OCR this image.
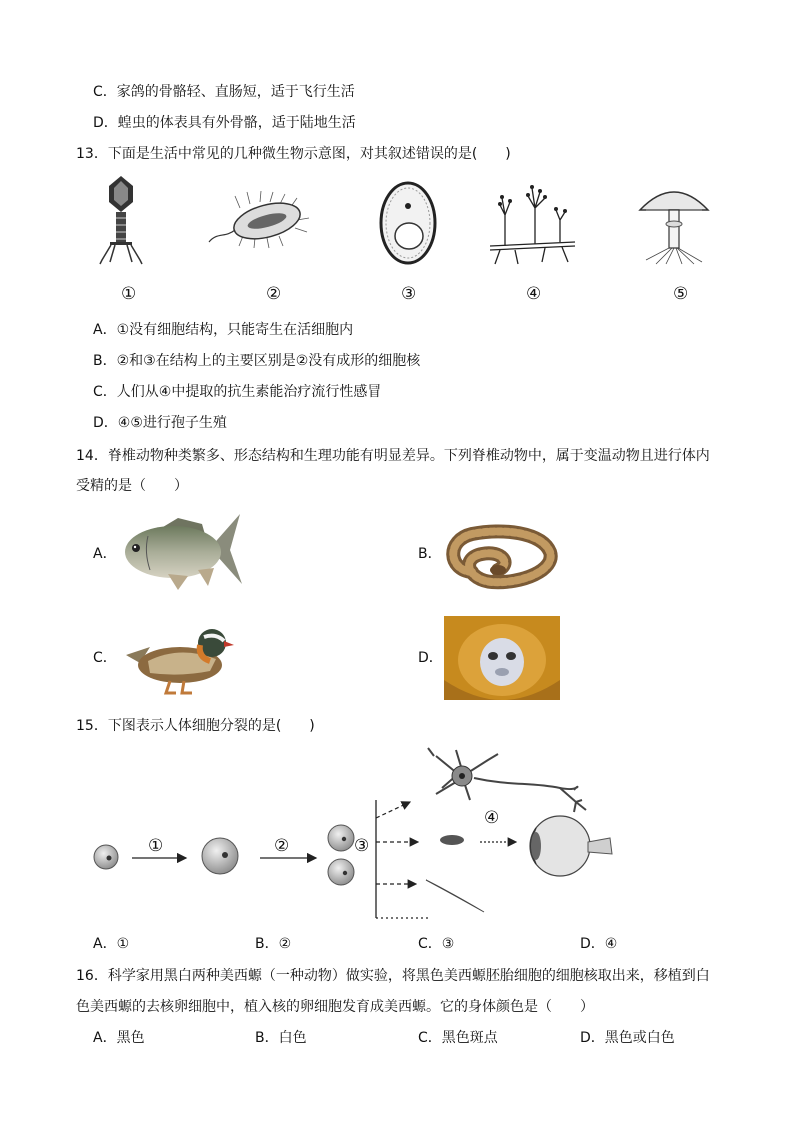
C．家鸽的骨骼轻、直肠短，适于飞行生活
D．蝗虫的体表具有外骨骼，适于陆地生活
13．下面是生活中常见的几种微生物示意图，对其叙述错误的是(　　)
①	②	③	④	⑤
A．①没有细胞结构，只能寄生在活细胞内
B．②和③在结构上的主要区别是②没有成形的细胞核
C．人们从④中提取的抗生素能治疗流行性感冒
D．④⑤进行孢子生殖
14．脊椎动物种类繁多、形态结构和生理功能有明显差异。下列脊椎动物中，属于变温动物且进行体内
受精的是（　　）
A．	B．
C．	D．
15．下图表示人体细胞分裂的是(　　)
①	②	③
④
A．①	B．②	C．③	D．④
16．科学家用黑白两种美西螈（一种动物）做实验，将黑色美西螈胚胎细胞的细胞核取出来，移植到白
色美西螈的去核卵细胞中，植入核的卵细胞发育成美西螈。它的身体颜色是（　　）
A．黑色	B．白色	C．黑色斑点	D．黑色或白色
